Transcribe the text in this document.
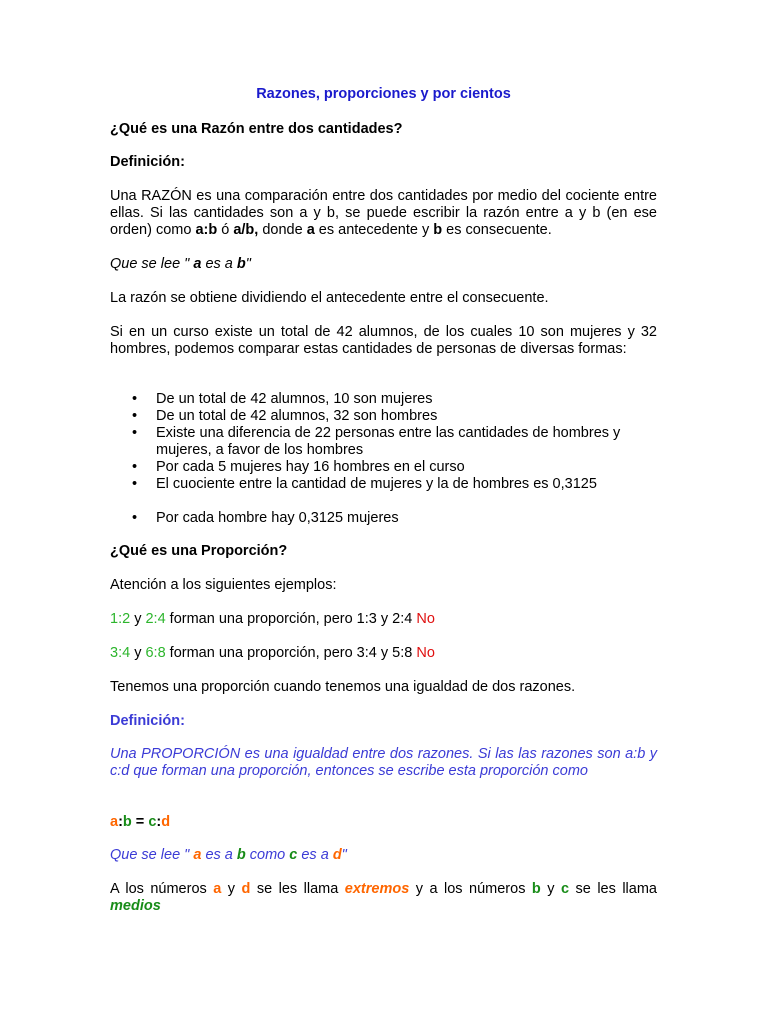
Razones, proporciones y por cientos

¿Qué es una Razón entre dos cantidades?

Definición:

Una RAZÓN es una comparación entre dos cantidades por medio del cociente entre ellas. Si las cantidades son a y b, se puede escribir la razón entre a y b (en ese orden) como a:b ó a/b, donde a es antecedente y b es consecuente.

Que se lee " a es a b"

La razón se obtiene dividiendo el antecedente entre el consecuente.

Si en un curso existe un total de 42 alumnos, de los cuales 10 son mujeres y 32 hombres, podemos comparar estas cantidades de personas de diversas formas:

• De un total de 42 alumnos, 10 son mujeres
• De un total de 42 alumnos, 32 son hombres
• Existe una diferencia de 22 personas entre las cantidades de hombres y mujeres, a favor de los hombres
• Por cada 5 mujeres hay 16 hombres en el curso
• El cuociente entre la cantidad de mujeres y la de hombres es 0,3125
• Por cada hombre hay 0,3125 mujeres

¿Qué es una Proporción?

Atención a los siguientes ejemplos:

1:2 y 2:4 forman una proporción, pero 1:3 y 2:4 No

3:4 y 6:8 forman una proporción, pero 3:4 y 5:8 No

Tenemos una proporción cuando tenemos una igualdad de dos razones.

Definición:

Una PROPORCIÓN es una igualdad entre dos razones. Si las las razones son a:b y c:d que forman una proporción, entonces se escribe esta proporción como

a:b = c:d

Que se lee " a es a b como c es a d"

A los números a y d se les llama extremos y a los números b y c se les llama medios
